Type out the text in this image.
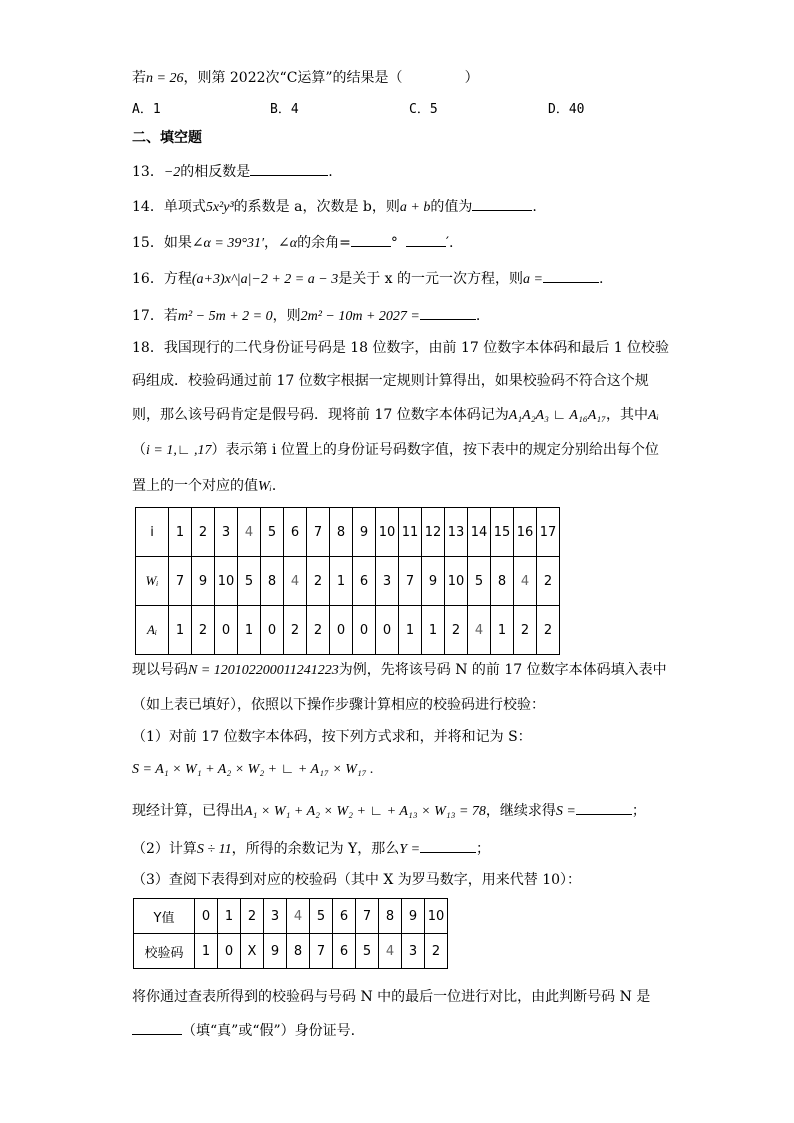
若n = 26，则第 2022次“C运算”的结果是（	）
A．1	B．4	C．5	D．40
二、填空题
13．−2的相反数是	.
14．单项式5x²y³的系数是 a，次数是 b，则a + b的值为	.
15．如果∠α = 39°31′，∠α的余角=	°	′.
16．方程(a+3)x^|a|−2 + 2 = a − 3是关于 x 的一元一次方程，则a =	.
17．若m² − 5m + 2 = 0，则2m² − 10m + 2027 =	.
18．我国现行的二代身份证号码是 18 位数字，由前 17 位数字本体码和最后 1 位校验
码组成．校验码通过前 17 位数字根据一定规则计算得出，如果校验码不符合这个规
则，那么该号码肯定是假号码．现将前 17 位数字本体码记为A₁A₂A₃ ∟ A₁₆A₁₇，其中Aᵢ
（i = 1,∟ ,17）表示第 i 位置上的身份证号码数字值，按下表中的规定分别给出每个位
置上的一个对应的值Wᵢ．
i	1	2	3	4	5	6	7	8	9	10	11	12	13	14	15	16	17
Wᵢ	7	9	10	5	8	4	2	1	6	3	7	9	10	5	8	4	2
Aᵢ	1	2	0	1	0	2	2	0	0	0	1	1	2	4	1	2	2
现以号码N = 120102200011241223为例，先将该号码 N 的前 17 位数字本体码填入表中
（如上表已填好），依照以下操作步骤计算相应的校验码进行校验：
（1）对前 17 位数字本体码，按下列方式求和，并将和记为 S：
S = A₁ × W₁ + A₂ × W₂ + ∟ + A₁₇ × W₁₇ .
现经计算，已得出A₁ × W₁ + A₂ × W₂ + ∟ + A₁₃ × W₁₃ = 78，继续求得S =	；
（2）计算S ÷ 11，所得的余数记为 Y，那么Y =	；
（3）查阅下表得到对应的校验码（其中 X 为罗马数字，用来代替 10）：
Y值	0	1	2	3	4	5	6	7	8	9	10
校验码	1	0	X	9	8	7	6	5	4	3	2
将你通过查表所得到的校验码与号码 N 中的最后一位进行对比，由此判断号码 N 是
（填“真”或“假”）身份证号.
